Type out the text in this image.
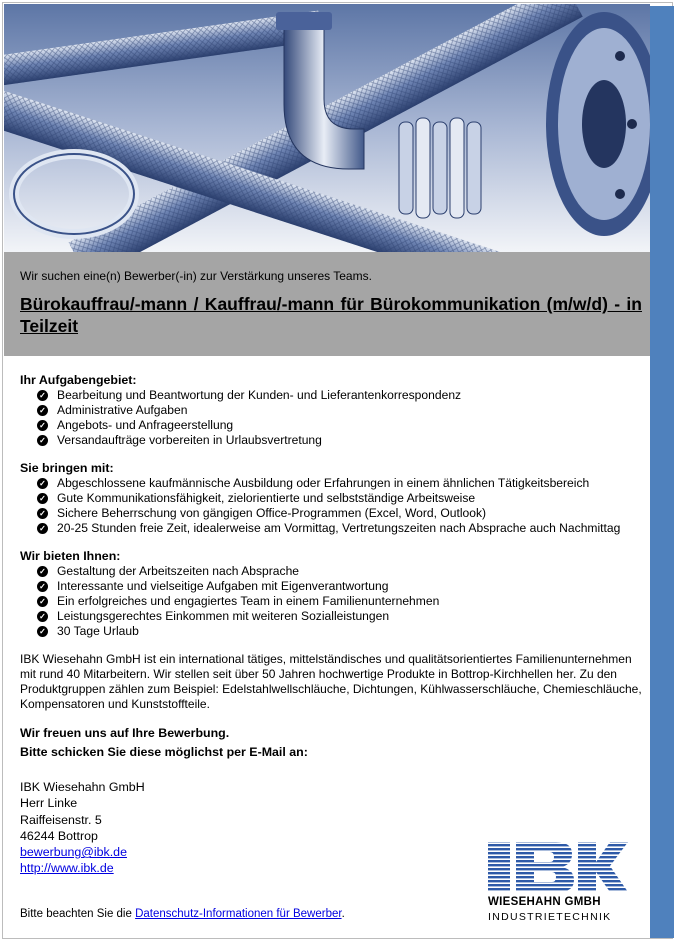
Wir suchen eine(n) Bewerber(-in) zur Verstärkung unseres Teams.
Bürokauffrau/-mann / Kauffrau/-mann für Bürokommunikation (m/w/d) - in Teilzeit
Ihr Aufgabengebiet:
✓ Bearbeitung und Beantwortung der Kunden- und Lieferantenkorrespondenz
✓ Administrative Aufgaben
✓ Angebots- und Anfrageerstellung
✓ Versandaufträge vorbereiten in Urlaubsvertretung
Sie bringen mit:
✓ Abgeschlossene kaufmännische Ausbildung oder Erfahrungen in einem ähnlichen Tätigkeitsbereich
✓ Gute Kommunikationsfähigkeit, zielorientierte und selbstständige Arbeitsweise
✓ Sichere Beherrschung von gängigen Office-Programmen (Excel, Word, Outlook)
✓ 20-25 Stunden freie Zeit, idealerweise am Vormittag, Vertretungszeiten nach Absprache auch Nachmittag
Wir bieten Ihnen:
✓ Gestaltung der Arbeitszeiten nach Absprache
✓ Interessante und vielseitige Aufgaben mit Eigenverantwortung
✓ Ein erfolgreiches und engagiertes Team in einem Familienunternehmen
✓ Leistungsgerechtes Einkommen mit weiteren Sozialleistungen
✓ 30 Tage Urlaub
IBK Wiesehahn GmbH ist ein international tätiges, mittelständisches und qualitätsorientiertes Familienunternehmen mit rund 40 Mitarbeitern. Wir stellen seit über 50 Jahren hochwertige Produkte in Bottrop-Kirchhellen her. Zu den Produktgruppen zählen zum Beispiel: Edelstahlwellschläuche, Dichtungen, Kühlwasserschläuche, Chemieschläuche, Kompensatoren und Kunststoffteile.
Wir freuen uns auf Ihre Bewerbung.
Bitte schicken Sie diese möglichst per E-Mail an:
IBK Wiesehahn GmbH
Herr Linke
Raiffeisenstr. 5
46244 Bottrop
bewerbung@ibk.de
http://www.ibk.de
Bitte beachten Sie die Datenschutz-Informationen für Bewerber.
WIESEHAHN GMBH
INDUSTRIETECHNIK
